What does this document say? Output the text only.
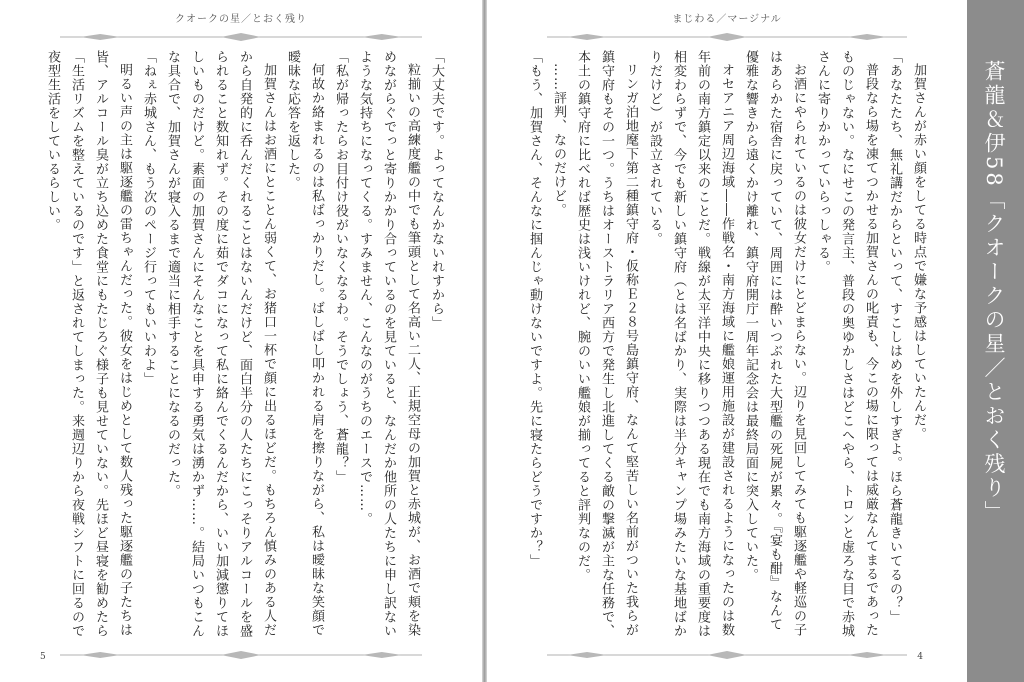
クオークの星／とおく残り

「大丈夫です。よってなんかないれすから」

粒揃いの高練度艦の中でも筆頭として名高い二人、正規空母の加賀と赤城が、お酒で頬を染めながらぐでっと寄りかかり合っているのを見ていると、なんだか他所の人たちに申し訳ないような気持ちになってくる。すみません、こんなのがうちのエースで……。

「私が帰ったらお目付け役がいなくなるわ。そうでしょう、蒼龍？」

何故か絡まれるのは私ばっかりだし。ばしばし叩かれる肩を擦りながら、私は曖昧な笑顔で曖昧な応答を返した。

加賀さんはお酒にとことん弱くて、お猪口一杯で顔に出るほどだ。もちろん慎みのある人だから自発的に呑んだくれることはないんだけど、面白半分の人たちにこっそりアルコールを盛られること数知れず。その度に茹でダコになって私に絡んでくるんだから、いい加減懲りてほしいものだけど。素面の加賀さんにそんなことを具申する勇気は湧かず……。結局いつもこんな具合で、加賀さんが寝入るまで適当に相手することになるのだった。

「ねぇ赤城さん、もう次のページ行ってもいいわよ」

明るい声の主は駆逐艦の雷ちゃんだった。彼女をはじめとして数人残った駆逐艦の子たちは皆、アルコール臭が立ち込めた食堂にもたじろぐ様子も見せていない。先ほど昼寝を勧めたら「生活リズムを整えているのです」と返されてしまった。来週辺りから夜戦シフトに回るので夜型生活をしているらしい。

5
まじわる／マージナル

加賀さんが赤い顔をしてる時点で嫌な予感はしていたんだ。

「あなたたち、無礼講だからといって、すこしはめを外しすぎよ。ほら蒼龍きいてるの？」

普段なら場を凍てつかせる加賀さんの叱責も、今この場に限っては威厳なんてまるであったものじゃない。なにせこの発言主、普段の奥ゆかしさはどこへやら、トロンと虚ろな目で赤城さんに寄りかかっていらっしゃる。

お酒にやられているのは彼女だけにとどまらない。辺りを見回してみても駆逐艦や軽巡の子はあらかた宿舎に戻っていて、周囲には酔いつぶれた大型艦の死屍が累々。『宴も酣』なんて優雅な響きから遠くかけ離れ、鎮守府開庁一周年記念会は最終局面に突入していた。

オセアニア周辺海域――作戦名・南方海域に艦娘運用施設が建設されるようになったのは数年前の南方鎮定以来のことだ。戦線が太平洋中央に移りつつある現在でも南方海域の重要度は相変わらずで、今でも新しい鎮守府（とは名ばかり、実際は半分キャンプ場みたいな基地ばかりだけど）が設立されている。

リンガ泊地麾下第二種鎮守府・仮称Ｅ２８号島鎮守府、なんて堅苦しい名前がついた我らが鎮守府もその一つ。うちはオーストラリア西方で発生し北進してくる敵の撃滅が主な任務で、本土の鎮守府に比べれば歴史は浅いけれど、腕のいい艦娘が揃ってると評判なのだ。

……評判、なのだけど。

「もう、加賀さん、そんなに掴んじゃ動けないですよ。先に寝たらどうですか？」

4
蒼龍＆伊58「クオークの星／とおく残り」
